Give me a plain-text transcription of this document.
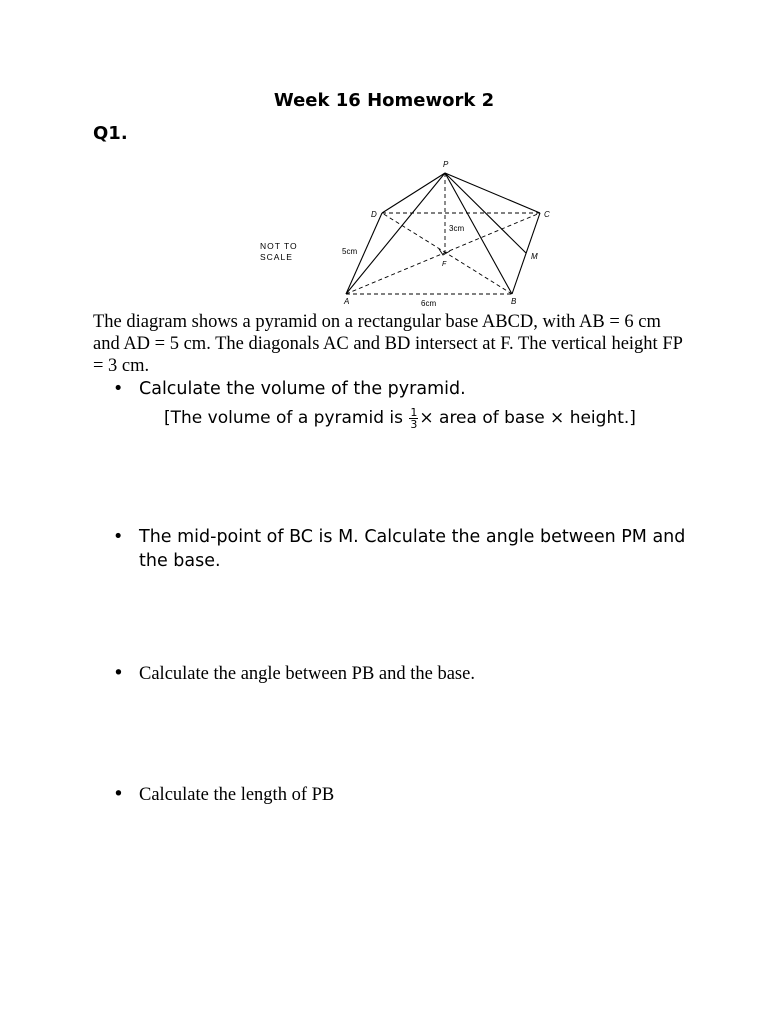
Week 16 Homework 2
Q1.
P
D	C
M
F
A	B
3cm
5cm
6cm
NOT TO
SCALE
The diagram shows a pyramid on a rectangular base ABCD, with AB = 6 cm and AD = 5 cm. The diagonals AC and BD intersect at F. The vertical height FP = 3 cm.
• Calculate the volume of the pyramid.
[The volume of a pyramid is $\frac{1}{3}$ × area of base × height.]
• The mid-point of BC is M. Calculate the angle between PM and the base.
• Calculate the angle between PB and the base.
• Calculate the length of PB
